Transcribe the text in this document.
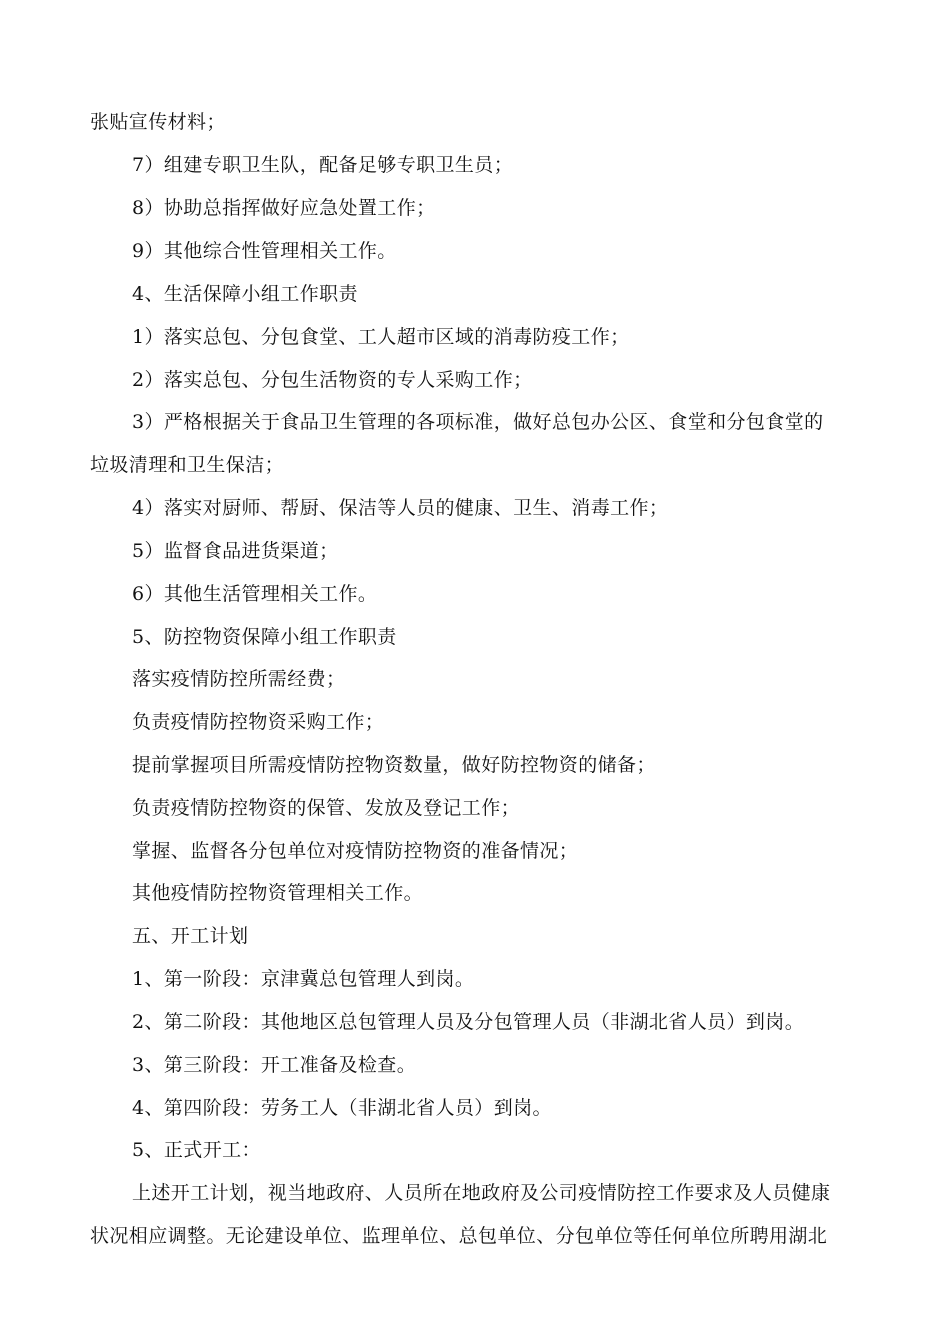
张贴宣传材料；
7）组建专职卫生队，配备足够专职卫生员；
8）协助总指挥做好应急处置工作；
9）其他综合性管理相关工作。
4、生活保障小组工作职责
1）落实总包、分包食堂、工人超市区域的消毒防疫工作；
2）落实总包、分包生活物资的专人采购工作；
3）严格根据关于食品卫生管理的各项标准，做好总包办公区、食堂和分包食堂的
垃圾清理和卫生保洁；
4）落实对厨师、帮厨、保洁等人员的健康、卫生、消毒工作；
5）监督食品进货渠道；
6）其他生活管理相关工作。
5、防控物资保障小组工作职责
落实疫情防控所需经费；
负责疫情防控物资采购工作；
提前掌握项目所需疫情防控物资数量，做好防控物资的储备；
负责疫情防控物资的保管、发放及登记工作；
掌握、监督各分包单位对疫情防控物资的准备情况；
其他疫情防控物资管理相关工作。
五、开工计划
1、第一阶段：京津冀总包管理人到岗。
2、第二阶段：其他地区总包管理人员及分包管理人员（非湖北省人员）到岗。
3、第三阶段：开工准备及检查。
4、第四阶段：劳务工人（非湖北省人员）到岗。
5、正式开工：
上述开工计划，视当地政府、人员所在地政府及公司疫情防控工作要求及人员健康
状况相应调整。无论建设单位、监理单位、总包单位、分包单位等任何单位所聘用湖北
